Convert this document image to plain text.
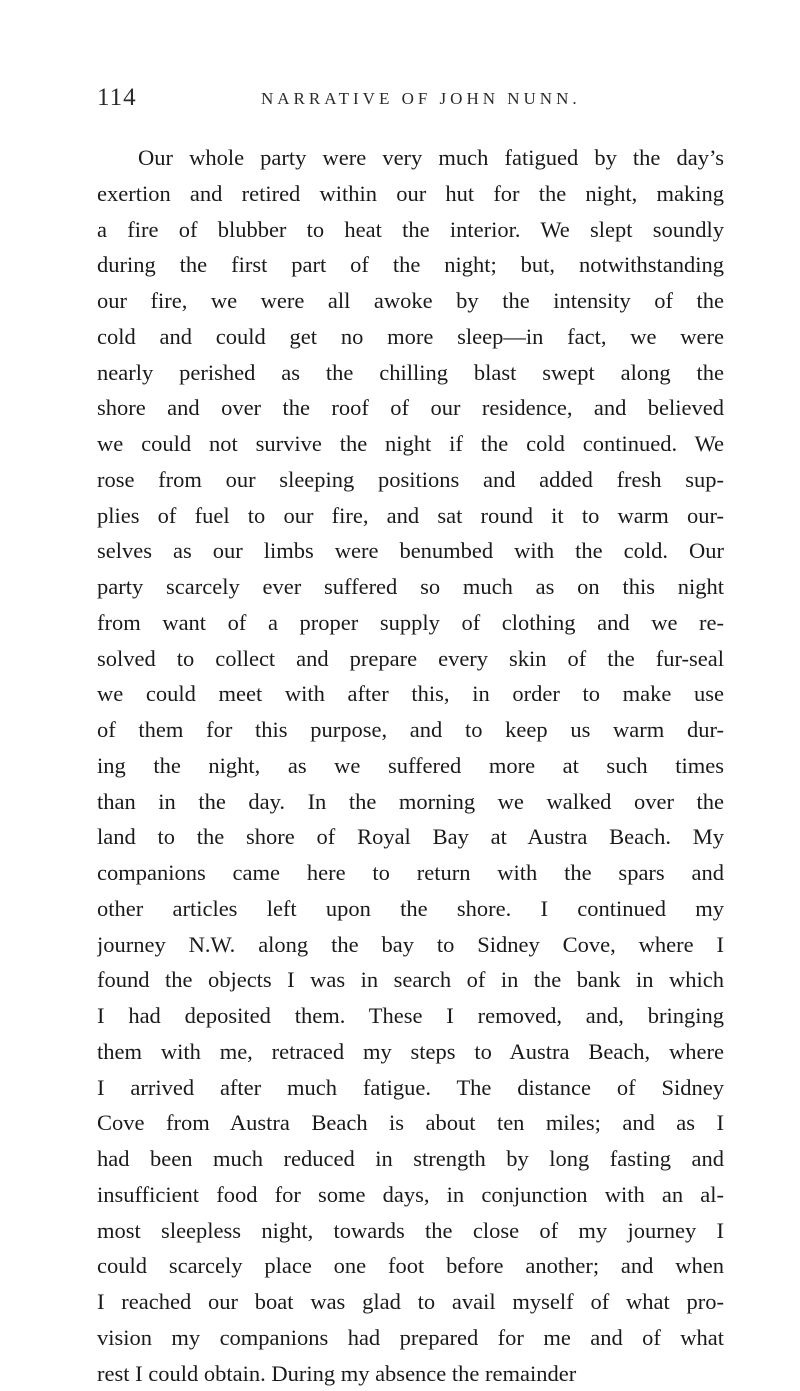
114	NARRATIVE OF JOHN NUNN.
Our whole party were very much fatigued by the day’s
exertion and retired within our hut for the night, making
a fire of blubber to heat the interior. We slept soundly
during the first part of the night; but, notwithstanding
our fire, we were all awoke by the intensity of the
cold and could get no more sleep—in fact, we were
nearly perished as the chilling blast swept along the
shore and over the roof of our residence, and believed
we could not survive the night if the cold continued. We
rose from our sleeping positions and added fresh sup-
plies of fuel to our fire, and sat round it to warm our-
selves as our limbs were benumbed with the cold. Our
party scarcely ever suffered so much as on this night
from want of a proper supply of clothing and we re-
solved to collect and prepare every skin of the fur-seal
we could meet with after this, in order to make use
of them for this purpose, and to keep us warm dur-
ing the night, as we suffered more at such times
than in the day. In the morning we walked over the
land to the shore of Royal Bay at Austra Beach. My
companions came here to return with the spars and
other articles left upon the shore. I continued my
journey N.W. along the bay to Sidney Cove, where I
found the objects I was in search of in the bank in which
I had deposited them. These I removed, and, bringing
them with me, retraced my steps to Austra Beach, where
I arrived after much fatigue. The distance of Sidney
Cove from Austra Beach is about ten miles; and as I
had been much reduced in strength by long fasting and
insufficient food for some days, in conjunction with an al-
most sleepless night, towards the close of my journey I
could scarcely place one foot before another; and when
I reached our boat was glad to avail myself of what pro-
vision my companions had prepared for me and of what
rest I could obtain. During my absence the remainder
